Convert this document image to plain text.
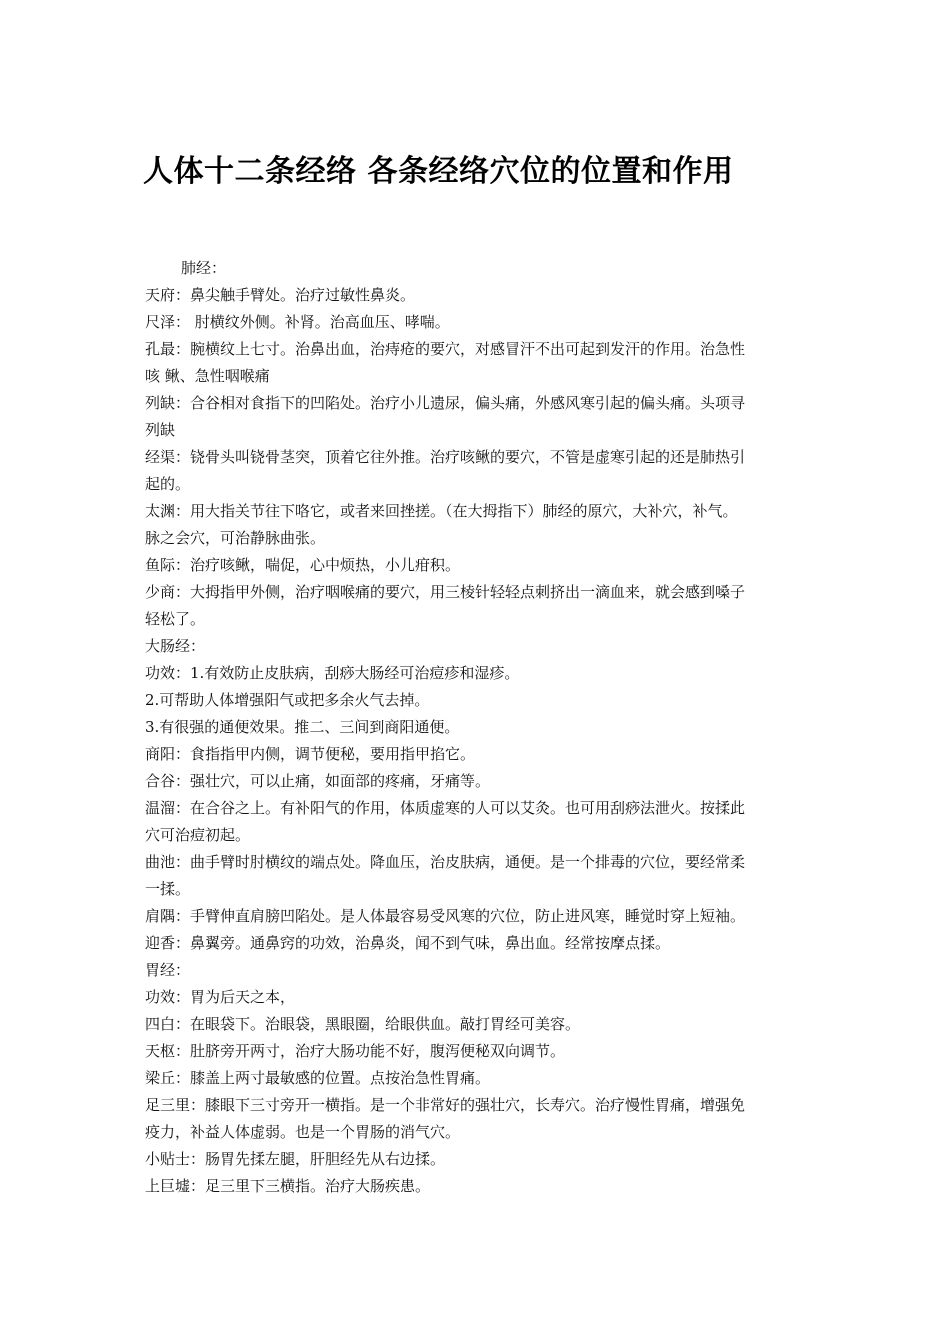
人体十二条经络 各条经络穴位的位置和作用
肺经：
天府：鼻尖触手臂处。治疗过敏性鼻炎。
尺泽： 肘横纹外侧。补肾。治高血压、哮喘。
孔最：腕横纹上七寸。治鼻出血，治痔疮的要穴，对感冒汗不出可起到发汗的作用。治急性
咳 鳅、急性咽喉痛
列缺：合谷相对食指下的凹陷处。治疗小儿遗尿，偏头痛，外感风寒引起的偏头痛。头项寻
列缺
经渠：铙骨头叫铙骨茎突，顶着它往外推。治疗咳鳅的要穴，不管是虚寒引起的还是肺热引
起的。
太渊：用大指关节往下咯它，或者来回挫搓。（在大拇指下）肺经的原穴，大补穴，补气。
脉之会穴，可治静脉曲张。
鱼际：治疗咳鳅，喘促，心中烦热，小儿疳积。
少商：大拇指甲外侧，治疗咽喉痛的要穴，用三棱针轻轻点刺挤出一滴血来，就会感到嗓子
轻松了。
大肠经：
功效：1.有效防止皮肤病，刮痧大肠经可治痘疹和湿疹。
2.可帮助人体增强阳气或把多余火气去掉。
3.有很强的通便效果。推二、三间到商阳通便。
商阳：食指指甲内侧，调节便秘，要用指甲掐它。
合谷：强壮穴，可以止痛，如面部的疼痛，牙痛等。
温溜：在合谷之上。有补阳气的作用，体质虚寒的人可以艾灸。也可用刮痧法泄火。按揉此
穴可治痘初起。
曲池：曲手臂时肘横纹的端点处。降血压，治皮肤病，通便。是一个排毒的穴位，要经常柔
一揉。
肩隅：手臂伸直肩膀凹陷处。是人体最容易受风寒的穴位，防止进风寒，睡觉时穿上短袖。
迎香：鼻翼旁。通鼻窍的功效，治鼻炎，闻不到气味，鼻出血。经常按摩点揉。
胃经：
功效：胃为后天之本，
四白：在眼袋下。治眼袋，黑眼圈，给眼供血。敲打胃经可美容。
天枢：肚脐旁开两寸，治疗大肠功能不好，腹泻便秘双向调节。
梁丘：膝盖上两寸最敏感的位置。点按治急性胃痛。
足三里：膝眼下三寸旁开一横指。是一个非常好的强壮穴，长寿穴。治疗慢性胃痛，增强免
疫力，补益人体虚弱。也是一个胃肠的消气穴。
小贴士：肠胃先揉左腿，肝胆经先从右边揉。
上巨墟：足三里下三横指。治疗大肠疾患。
